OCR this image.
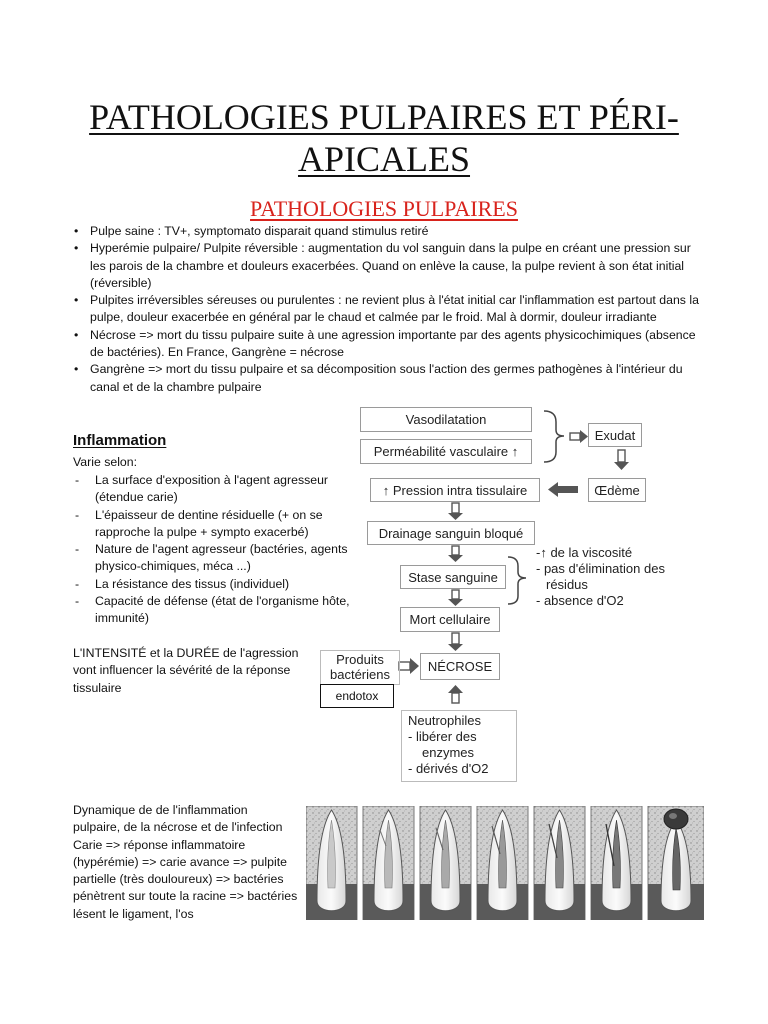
PATHOLOGIES PULPAIRES ET PÉRI-
APICALES
PATHOLOGIES PULPAIRES
• Pulpe saine : TV+, symptomato disparait quand stimulus retiré
• Hyperémie pulpaire/ Pulpite réversible : augmentation du vol sanguin dans la pulpe en créant une pression sur les parois de la chambre et douleurs exacerbées. Quand on enlève la cause, la pulpe revient à son état initial (réversible)
• Pulpites irréversibles séreuses ou purulentes : ne revient plus à l'état initial car l'inflammation est partout dans la pulpe, douleur exacerbée en général par le chaud et calmée par le froid. Mal à dormir, douleur irradiante
• Nécrose => mort du tissu pulpaire suite à une agression importante par des agents physicochimiques (absence de bactéries). En France, Gangrène = nécrose
• Gangrène => mort du tissu pulpaire et sa décomposition sous l'action des germes pathogènes à l'intérieur du canal et de la chambre pulpaire
Inflammation
Varie selon:
- La surface d'exposition à l'agent agresseur (étendue carie)
- L'épaisseur de dentine résiduelle (+ on se rapproche la pulpe + sympto exacerbé)
- Nature de l'agent agresseur (bactéries, agents physico-chimiques, méca ...)
- La résistance des tissus (individuel)
- Capacité de défense (état de l'organisme hôte, immunité)
L'INTENSITÉ et la DURÉE de l'agression vont influencer la sévérité de la réponse tissulaire
Vasodilatation
Perméabilité vasculaire ↑
Exudat
Œdème
↑ Pression intra tissulaire
Drainage sanguin bloqué
Stase sanguine
Mort cellulaire
NÉCROSE
-↑ de la viscosité
- pas d'élimination des
résidus
- absence d'O2
Produits
bactériens
endotox
Neutrophiles
- libérer des
enzymes
- dérivés d'O2
Dynamique de de l'inflammation pulpaire, de la nécrose et de l'infection Carie => réponse inflammatoire (hypérémie) => carie avance => pulpite partielle (très douloureux) => bactéries pénètrent sur toute la racine => bactéries lésent le ligament, l'os
